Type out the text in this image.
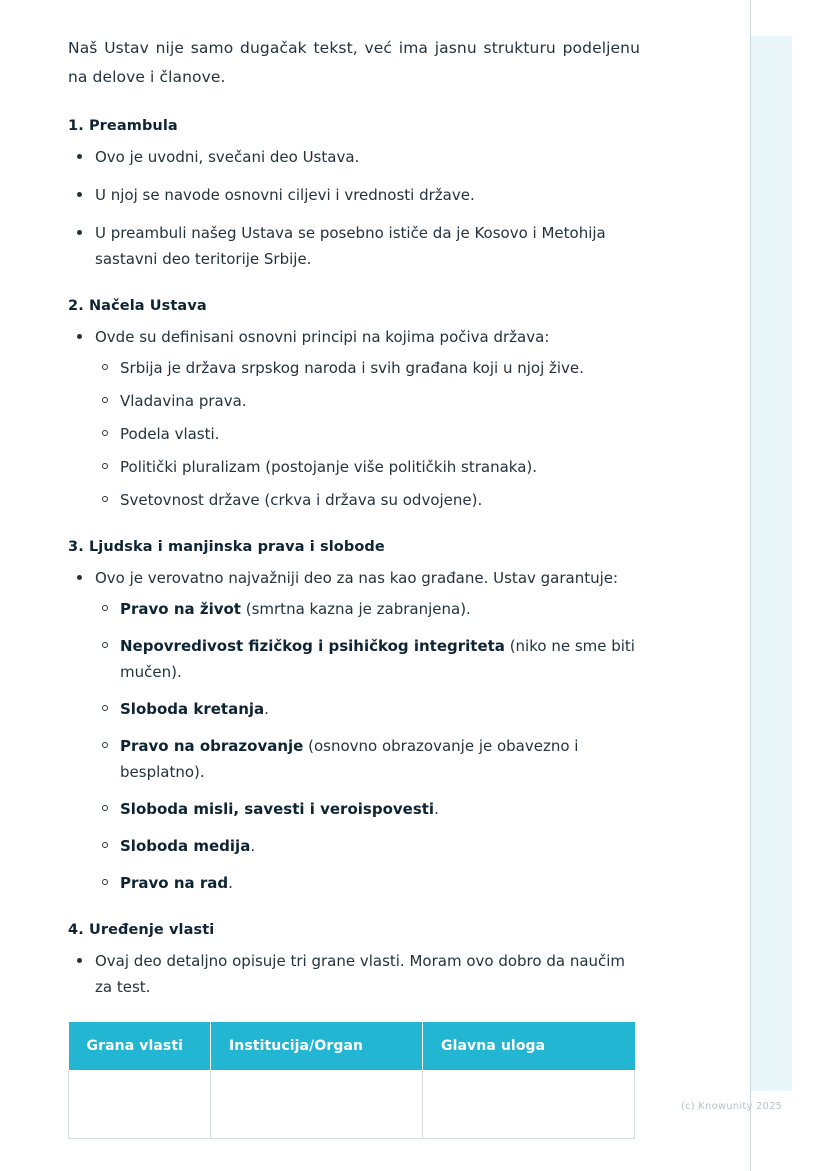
Naš Ustav nije samo dugačak tekst, već ima jasnu strukturu podeljenu na delove i članove.

1. Preambula
Ovo je uvodni, svečani deo Ustava.
U njoj se navode osnovni ciljevi i vrednosti države.
U preambuli našeg Ustava se posebno ističe da je Kosovo i Metohija sastavni deo teritorije Srbije.
2. Načela Ustava
Ovde su definisani osnovni principi na kojima počiva država:
Srbija je država srpskog naroda i svih građana koji u njoj žive.
Vladavina prava.
Podela vlasti.
Politički pluralizam (postojanje više političkih stranaka).
Svetovnost države (crkva i država su odvojene).
3. Ljudska i manjinska prava i slobode
Ovo je verovatno najvažniji deo za nas kao građane. Ustav garantuje:
Pravo na život (smrtna kazna je zabranjena).
Nepovredivost fizičkog i psihičkog integriteta (niko ne sme biti mučen).
Sloboda kretanja.
Pravo na obrazovanje (osnovno obrazovanje je obavezno i besplatno).
Sloboda misli, savesti i veroispovesti.
Sloboda medija.
Pravo na rad.
4. Uređenje vlasti
Ovaj deo detaljno opisuje tri grane vlasti. Moram ovo dobro da naučim za test.
Grana vlasti	Institucija/Organ	Glavna uloga

(c) Knowunity 2025
